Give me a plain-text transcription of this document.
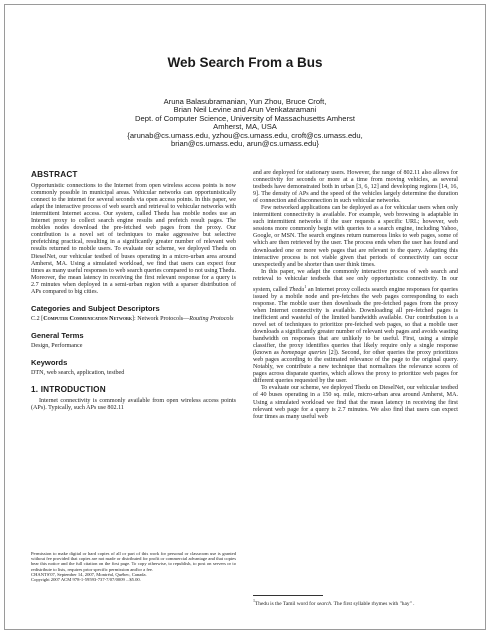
Web Search From a Bus
Aruna Balasubramanian, Yun Zhou, Bruce Croft,
Brian Neil Levine and Arun Venkataramani
Dept. of Computer Science, University of Massachusetts Amherst
Amherst, MA, USA
{arunab@cs.umass.edu, yzhou@cs.umass.edu, croft@cs.umass.edu,
brian@cs.umass.edu, arun@cs.umass.edu}
ABSTRACT

Opportunistic connections to the Internet from open wireless access points is now commonly possible in municipal areas. Vehicular networks can opportunistically connect to the internet for several seconds via open access points. In this paper, we adapt the interactive process of web search and retrieval to vehicular networks with intermittent Internet access. Our system, called Thedu has mobile nodes use an Internet proxy to collect search engine results and prefetch result pages. The mobiles nodes download the pre-fetched web pages from the proxy. Our contribution is a novel set of techniques to make aggressive but selective prefetching practical, resulting in a significantly greater number of relevant web results returned to mobile users. To evaluate our scheme, we deployed Thedu on DieselNet, our vehicular testbed of buses operating in a micro-urban area around Amherst, MA. Using a simulated workload, we find that users can expect four times as many useful responses to web search queries compared to not using Thedu. Moreover, the mean latency in receiving the first relevant response for a query is 2.7 minutes when deployed in a semi-urban region with a sparser distribution of APs compared to big cities.

Categories and Subject Descriptors

C.2 [Computer Communication Network]: Network Protocols—Routing Protocols

General Terms

Design, Performance

Keywords

DTN, web search, application, testbed

1. INTRODUCTION

Internet connectivity is commonly available from open wireless access points (APs). Typically, such APs use 802.11

Permission to make digital or hard copies of all or part of this work for personal or classroom use is granted without fee provided that copies are not made or distributed for profit or commercial advantage and that copies bear this notice and the full citation on the first page. To copy otherwise, to republish, to post on servers or to redistribute to lists, requires prior specific permission and/or a fee.

CHANTS'07, September 14, 2007, Montréal, Québec, Canada.

Copyright 2007 ACM 978-1-59593-737-7/07/0009 ...$5.00.

and are deployed for stationary users. However, the range of 802.11 also allows for connectivity for seconds or more at a time from moving vehicles, as several testbeds have demonstrated both in urban [3, 6, 12] and developing regions [14, 16, 9]. The density of APs and the speed of the vehicles largely determine the duration of connection and disconnection in such vehicular networks.

Few networked applications can be deployed as a for vehicular users when only intermittent connectivity is available. For example, web browsing is adaptable in such intermittent networks if the user requests a specific URL; however, web sessions more commonly begin with queries to a search engine, including Yahoo, Google, or MSN. The search engines return numerous links to web pages, some of which are then retrieved by the user. The process ends when the user has found and downloaded one or more web pages that are relevant to the query. Adapting this interactive process is not viable given that periods of connectivity can occur unexpectedly and be shorter than user think times.

In this paper, we adapt the commonly interactive process of web search and retrieval to vehicular testbeds that see only opportunistic connectivity. In our system, called Thedu$^1$ an Internet proxy collects search engine responses for queries issued by a mobile node and pre-fetches the web pages corresponding to each response. The mobile user then downloads the pre-fetched pages from the proxy when Internet connectivity is available. Downloading all pre-fetched pages is inefficient and wasteful of the limited bandwidth available. Our contribution is a novel set of techniques to prioritize pre-fetched web pages, so that a mobile user downloads a significantly greater number of relevant web pages and avoids wasting bandwidth on responses that are unlikely to be useful. First, using a simple classifier, the proxy identifies queries that likely require only a single response (known as homepage queries [2]). Second, for other queries the proxy prioritizes web pages according to the estimated relevance of the page to the original query. Notably, we contribute a new technique that normalizes the relevance scores of pages across disparate queries, which allows the proxy to prioritize web pages for different queries requested by the user.

To evaluate our scheme, we deployed Thedu on DieselNet, our vehicular testbed of 40 buses operating in a 150 sq. mile, micro-urban area around Amherst, MA. Using a simulated workload we find that the mean latency in receiving the first relevant web page for a query is 2.7 minutes. We also find that users can expect four times as many useful web

$^1$Thedu is the Tamil word for search. The first syllable rhymes with "hay" .
